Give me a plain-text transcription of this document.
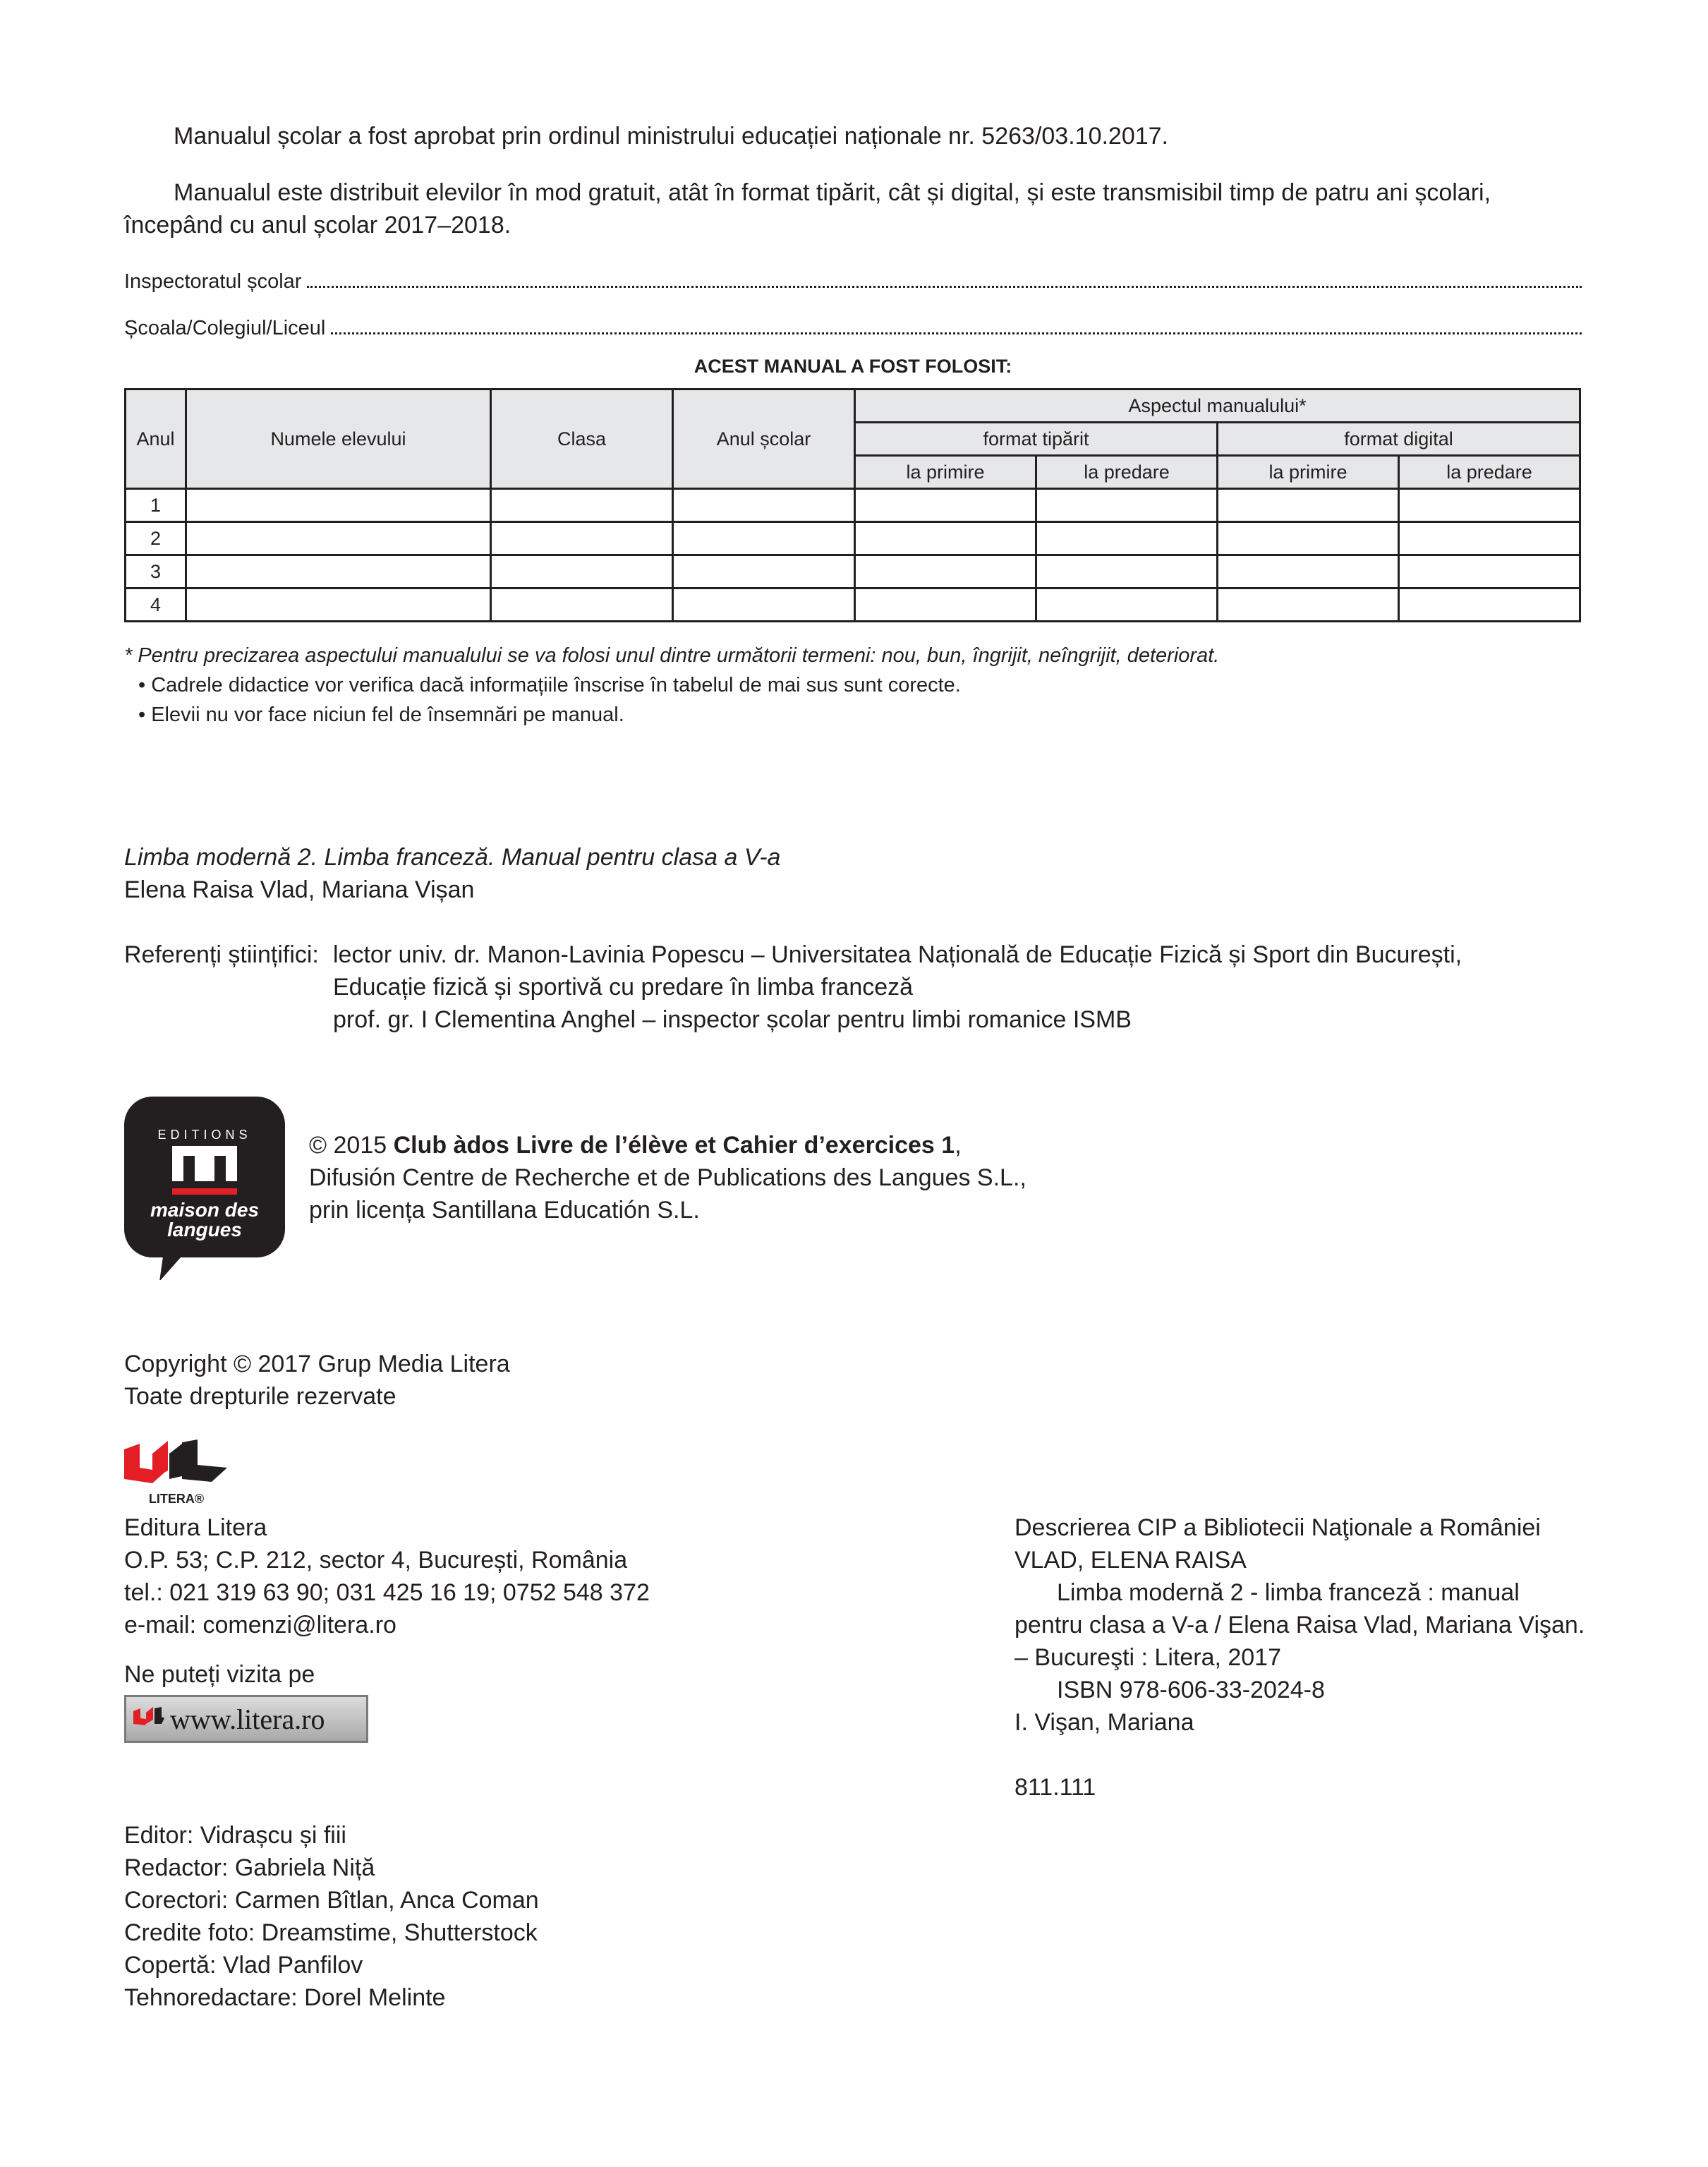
Manualul școlar a fost aprobat prin ordinul ministrului educației naționale nr. 5263/03.10.2017.
Manualul este distribuit elevilor în mod gratuit, atât în format tipărit, cât și digital, și este transmisibil timp de patru ani școlari, începând cu anul școlar 2017–2018.
Inspectoratul școlar
Școala/Colegiul/Liceul
ACEST MANUAL A FOST FOLOSIT:
Anul	Numele elevului	Clasa	Anul școlar	Aspectul manualului*			
				format tipărit		format digital	
				la primire	la predare	la primire	la predare
1							
2							
3							
4							
* Pentru precizarea aspectului manualului se va folosi unul dintre următorii termeni: nou, bun, îngrijit, neîngrijit, deteriorat.
• Cadrele didactice vor verifica dacă informațiile înscrise în tabelul de mai sus sunt corecte.
• Elevii nu vor face niciun fel de însemnări pe manual.
Limba modernă 2. Limba franceză. Manual pentru clasa a V-a
Elena Raisa Vlad, Mariana Vișan
Referenți științifici: lector univ. dr. Manon-Lavinia Popescu – Universitatea Națională de Educație Fizică și Sport din București,
Educație fizică și sportivă cu predare în limba franceză
prof. gr. I Clementina Anghel – inspector școlar pentru limbi romanice ISMB
EDITIONS
maison des
langues
© 2015 Club àdos Livre de l’élève et Cahier d’exercices 1,
Difusión Centre de Recherche et de Publications des Langues S.L.,
prin licența Santillana Educatión S.L.
Copyright © 2017 Grup Media Litera
Toate drepturile rezervate
LITERA®
Editura Litera
O.P. 53; C.P. 212, sector 4, București, România
tel.: 021 319 63 90; 031 425 16 19; 0752 548 372
e-mail: comenzi@litera.ro
Ne puteți vizita pe
www.litera.ro
Descrierea CIP a Bibliotecii Naţionale a României
VLAD, ELENA RAISA
Limba modernă 2 - limba franceză : manual
pentru clasa a V-a / Elena Raisa Vlad, Mariana Vişan.
– Bucureşti : Litera, 2017
ISBN 978-606-33-2024-8
I. Vişan, Mariana
811.111
Editor: Vidrașcu și fiii
Redactor: Gabriela Niță
Corectori: Carmen Bîtlan, Anca Coman
Credite foto: Dreamstime, Shutterstock
Copertă: Vlad Panfilov
Tehnoredactare: Dorel Melinte
